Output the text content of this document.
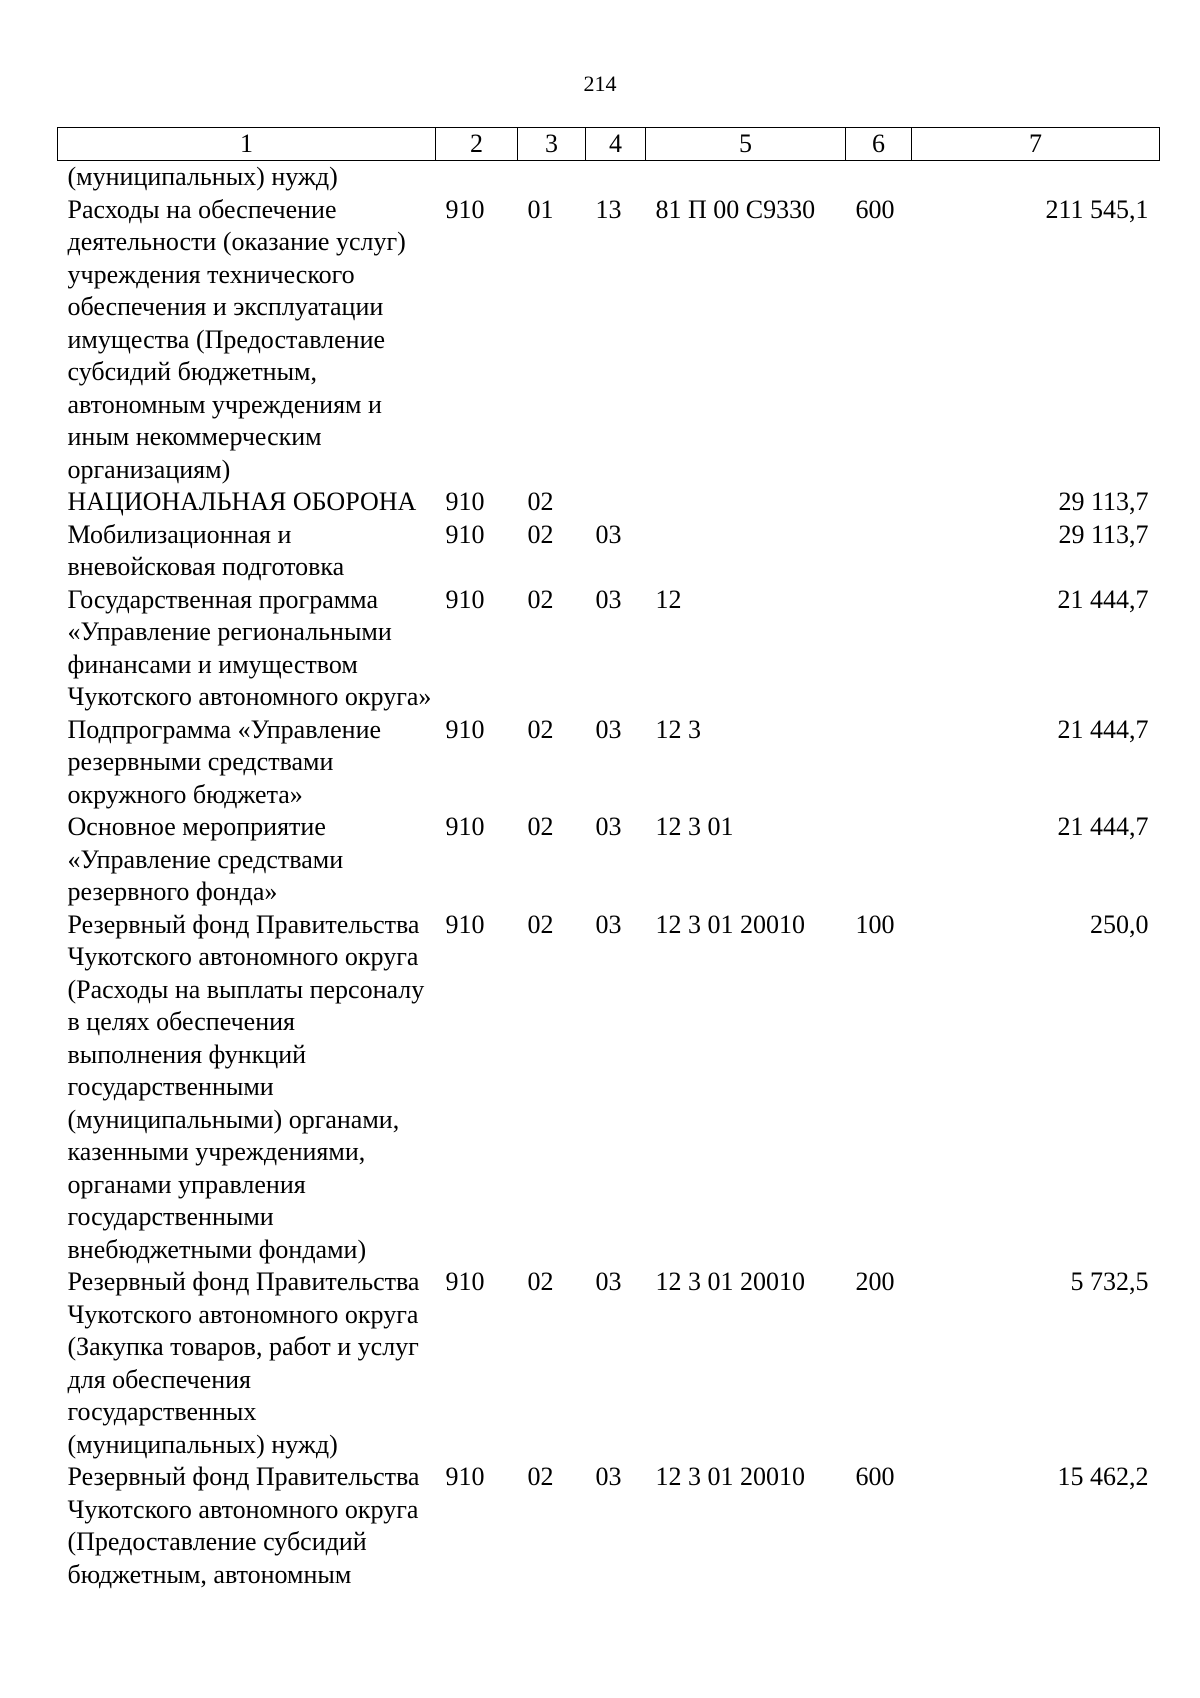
214
1	2	3	4	5	6	7
(муниципальных) нужд)						
Расходы на обеспечение деятельности (оказание услуг) учреждения технического обеспечения и эксплуатации имущества (Предоставление субсидий бюджетным, автономным учреждениям и иным некоммерческим организациям)	910	01	13	81 П 00 С9330	600	211 545,1
НАЦИОНАЛЬНАЯ ОБОРОНА	910	02				29 113,7
Мобилизационная и вневойсковая подготовка	910	02	03			29 113,7
Государственная программа «Управление региональными финансами и имуществом Чукотского автономного округа»	910	02	03	12		21 444,7
Подпрограмма «Управление резервными средствами окружного бюджета»	910	02	03	12 3		21 444,7
Основное мероприятие «Управление средствами резервного фонда»	910	02	03	12 3 01		21 444,7
Резервный фонд Правительства Чукотского автономного округа (Расходы на выплаты персоналу в целях обеспечения выполнения функций государственными (муниципальными) органами, казенными учреждениями, органами управления государственными внебюджетными фондами)	910	02	03	12 3 01 20010	100	250,0
Резервный фонд Правительства Чукотского автономного округа (Закупка товаров, работ и услуг для обеспечения государственных (муниципальных) нужд)	910	02	03	12 3 01 20010	200	5 732,5
Резервный фонд Правительства Чукотского автономного округа (Предоставление субсидий бюджетным, автономным	910	02	03	12 3 01 20010	600	15 462,2
